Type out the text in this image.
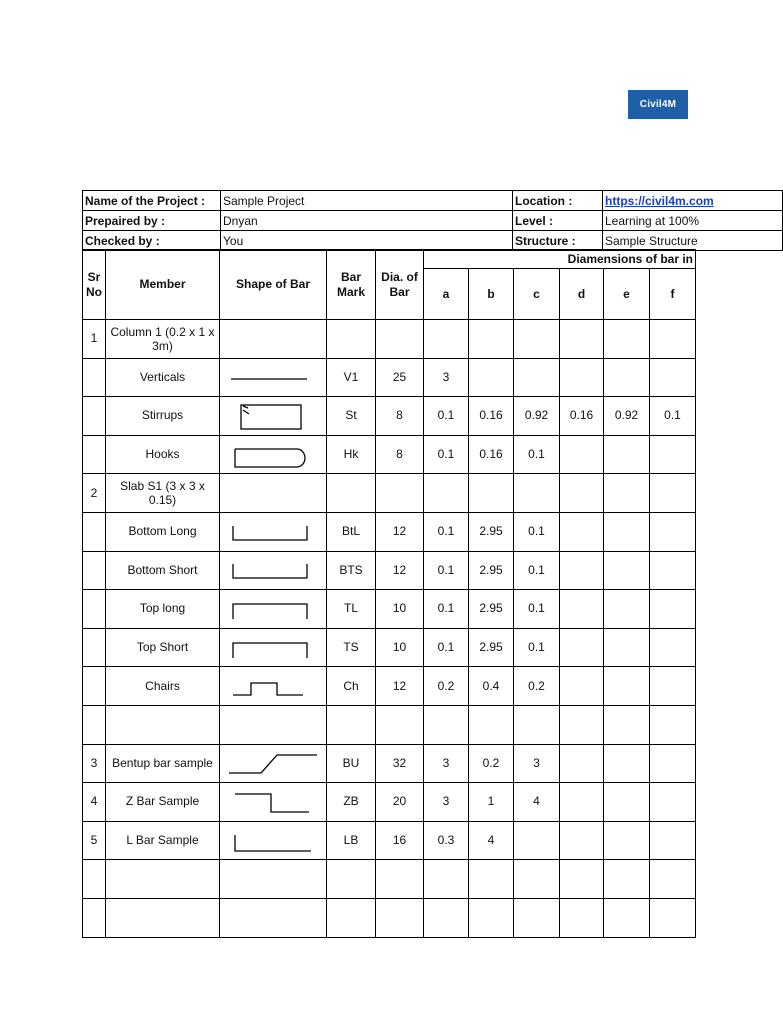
Civil4M
Name of the Project :	Sample Project	Location :	https://civil4m.com
Prepaired by :	Dnyan	Level :	Learning at 100%
Checked by :	You	Structure :	Sample Structure
Sr No	Member	Shape of Bar	Bar Mark	Dia. of Bar	Diamensions of bar in					
					a	b	c	d	e	f
1	Column 1 (0.2 x 1 x 3m)									
	Verticals		V1	25	3					
	Stirrups		St	8	0.1	0.16	0.92	0.16	0.92	0.1
	Hooks		Hk	8	0.1	0.16	0.1			
2	Slab S1 (3 x 3 x 0.15)									
	Bottom Long		BtL	12	0.1	2.95	0.1			
	Bottom Short		BTS	12	0.1	2.95	0.1			
	Top long		TL	10	0.1	2.95	0.1			
	Top Short		TS	10	0.1	2.95	0.1			
	Chairs		Ch	12	0.2	0.4	0.2			

3	Bentup bar sample		BU	32	3	0.2	3			
4	Z Bar Sample		ZB	20	3	1	4			
5	L Bar Sample		LB	16	0.3	4				
